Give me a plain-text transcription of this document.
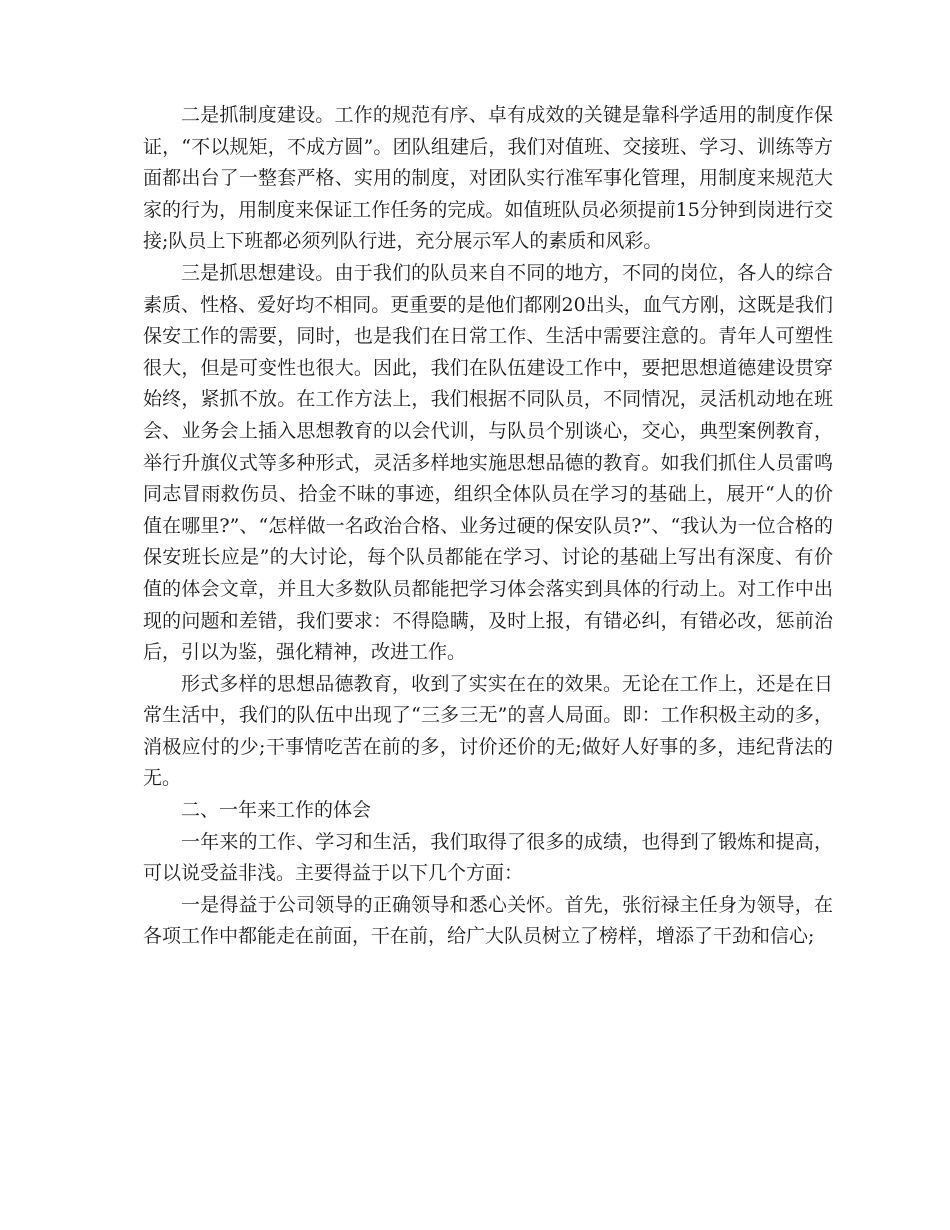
二是抓制度建设。工作的规范有序、卓有成效的关键是靠科学适用的制度作保证，“不以规矩，不成方圆”。团队组建后，我们对值班、交接班、学习、训练等方面都出台了一整套严格、实用的制度，对团队实行准军事化管理，用制度来规范大家的行为，用制度来保证工作任务的完成。如值班队员必须提前15分钟到岗进行交接;队员上下班都必须列队行进，充分展示军人的素质和风彩。

三是抓思想建设。由于我们的队员来自不同的地方，不同的岗位，各人的综合素质、性格、爱好均不相同。更重要的是他们都刚20出头，血气方刚，这既是我们保安工作的需要，同时，也是我们在日常工作、生活中需要注意的。青年人可塑性很大，但是可变性也很大。因此，我们在队伍建设工作中，要把思想道德建设贯穿始终，紧抓不放。在工作方法上，我们根据不同队员，不同情况，灵活机动地在班会、业务会上插入思想教育的以会代训，与队员个别谈心，交心，典型案例教育，举行升旗仪式等多种形式，灵活多样地实施思想品德的教育。如我们抓住人员雷鸣同志冒雨救伤员、拾金不昧的事迹，组织全体队员在学习的基础上，展开“人的价值在哪里?”、“怎样做一名政治合格、业务过硬的保安队员?”、“我认为一位合格的保安班长应是”的大讨论，每个队员都能在学习、讨论的基础上写出有深度、有价值的体会文章，并且大多数队员都能把学习体会落实到具体的行动上。对工作中出现的问题和差错，我们要求：不得隐瞒，及时上报，有错必纠，有错必改，惩前治后，引以为鉴，强化精神，改进工作。

形式多样的思想品德教育，收到了实实在在的效果。无论在工作上，还是在日常生活中，我们的队伍中出现了“三多三无”的喜人局面。即：工作积极主动的多，消极应付的少;干事情吃苦在前的多，讨价还价的无;做好人好事的多，违纪背法的无。

二、一年来工作的体会

一年来的工作、学习和生活，我们取得了很多的成绩，也得到了锻炼和提高，可以说受益非浅。主要得益于以下几个方面：

一是得益于公司领导的正确领导和悉心关怀。首先，张衍禄主任身为领导，在各项工作中都能走在前面，干在前，给广大队员树立了榜样，增添了干劲和信心;
